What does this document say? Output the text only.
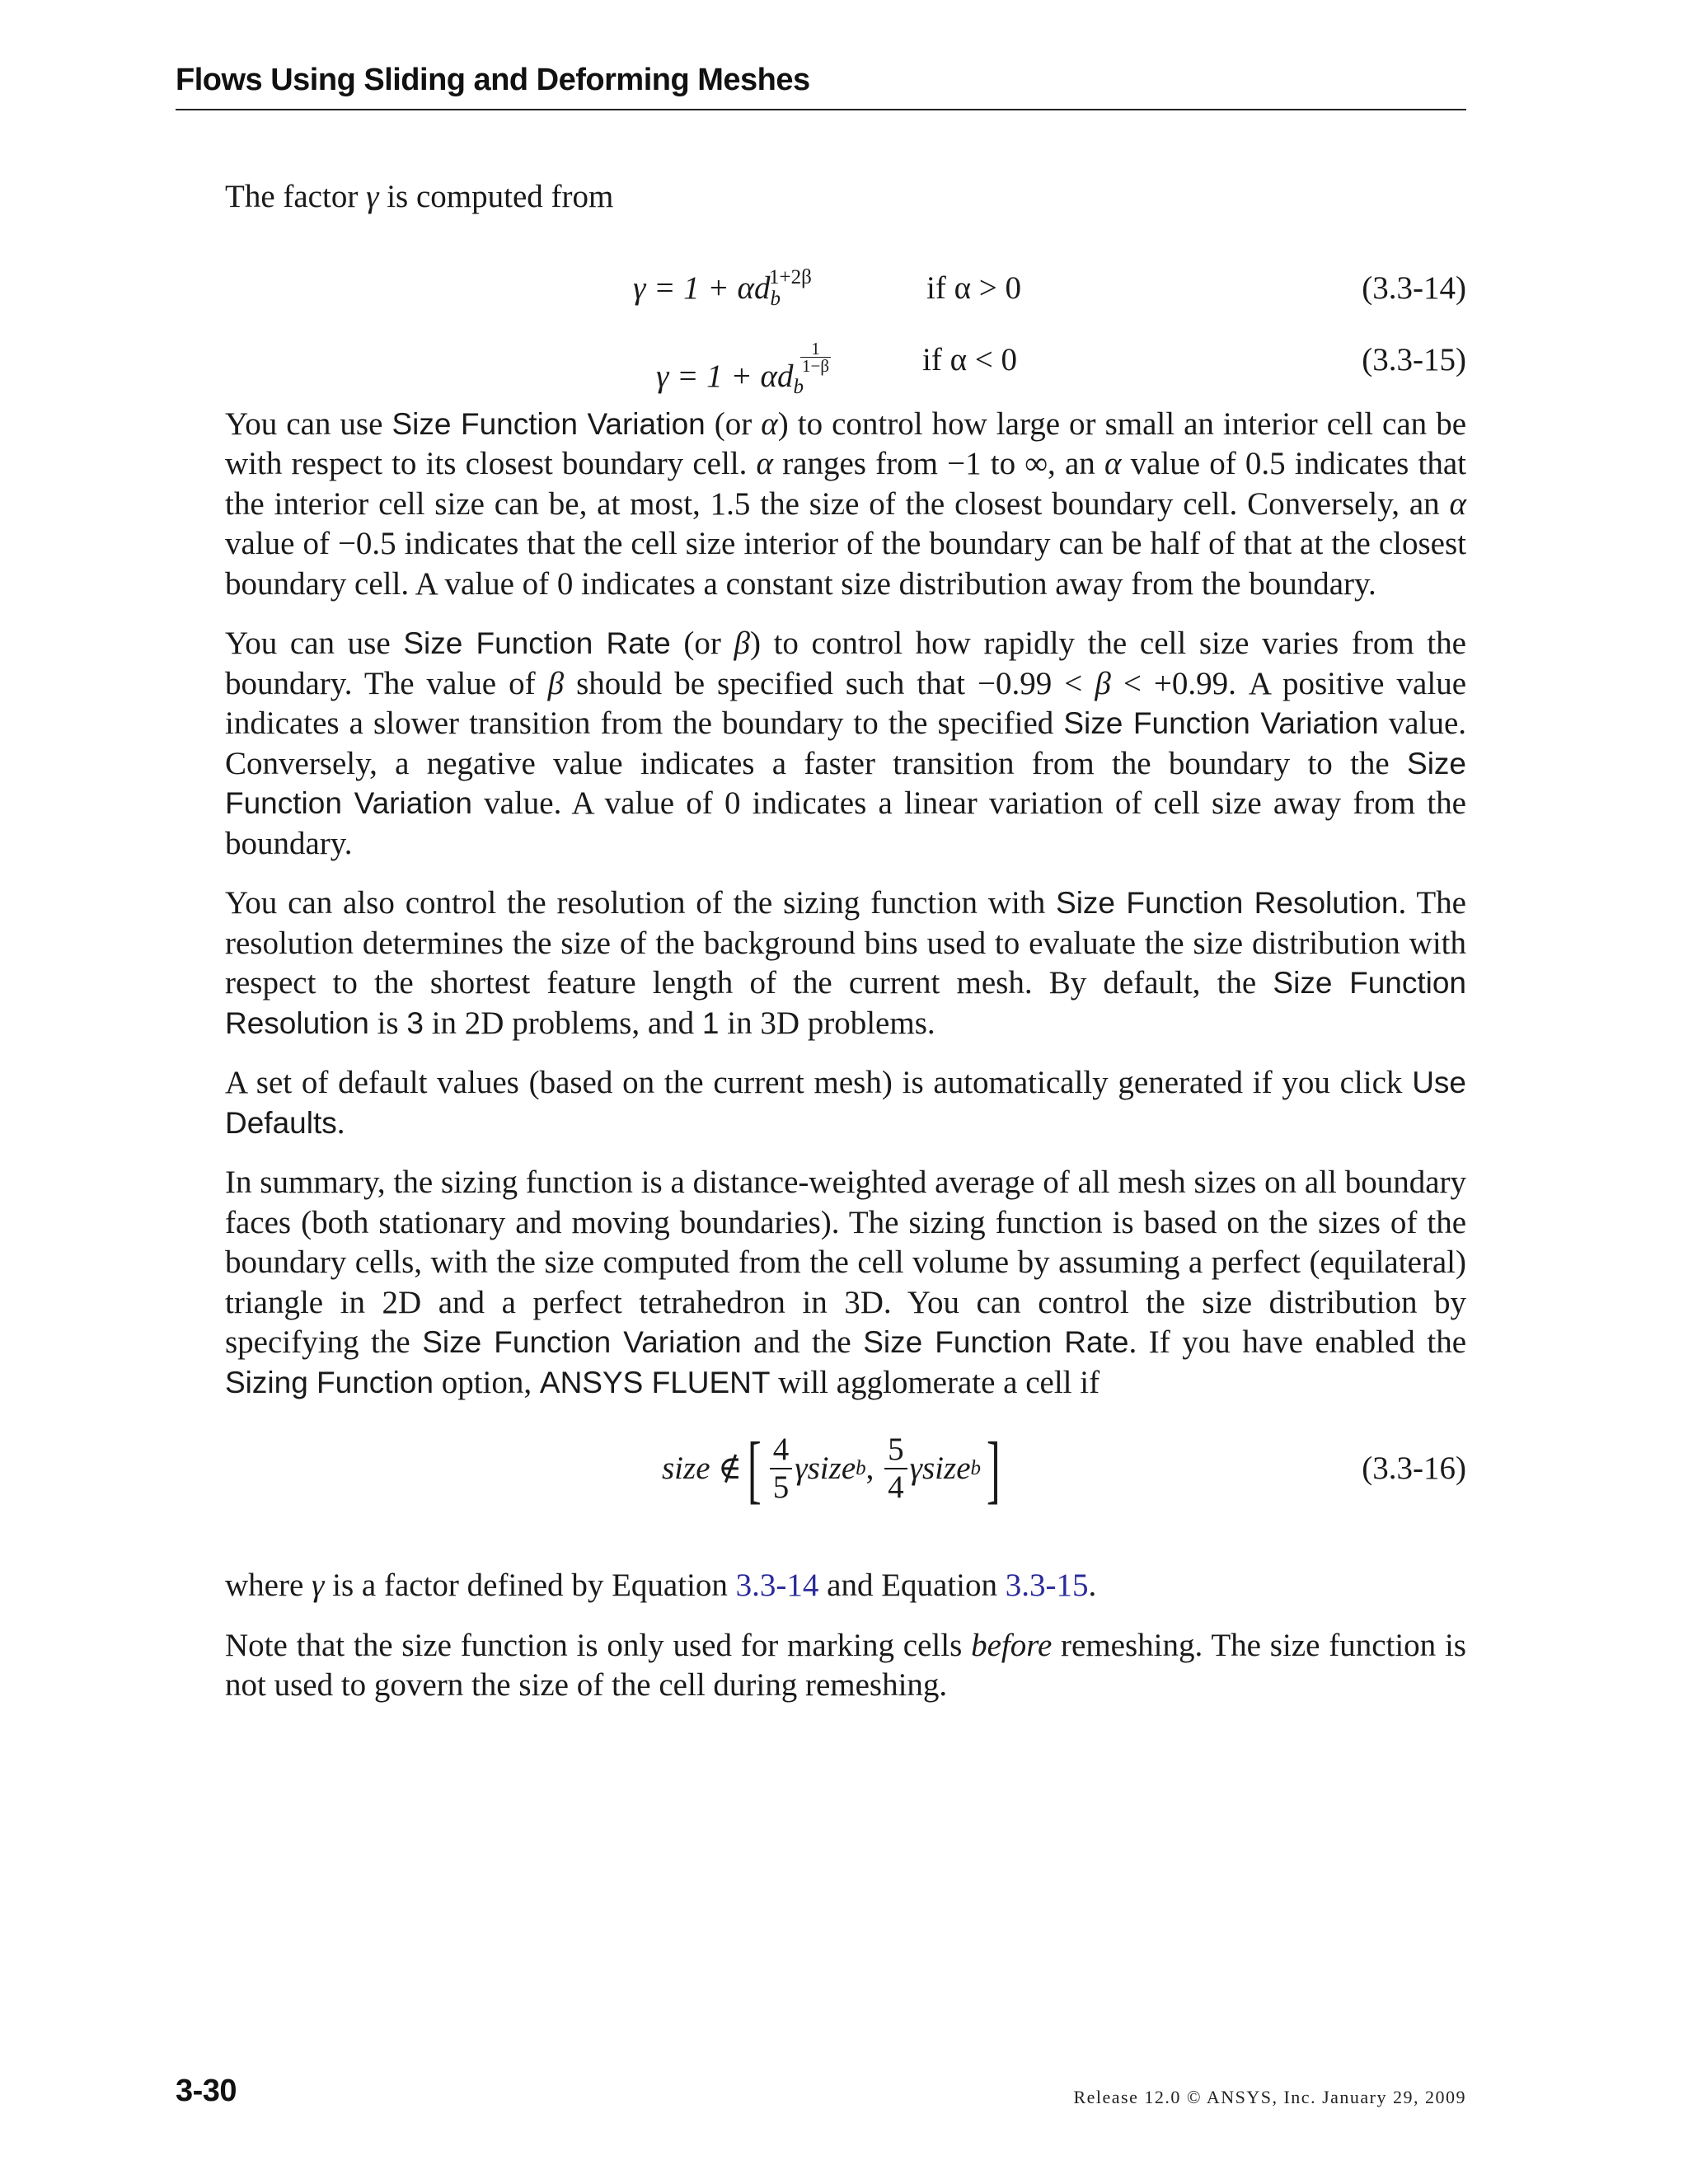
Flows Using Sliding and Deforming Meshes

The factor γ is computed from

$\gamma = 1 + \alpha d_b^{1+2\beta}$	if α > 0	(3.3-14)
$\gamma = 1 + \alpha d_b$
$\frac{1}{1-\beta}$	if α < 0	(3.3-15)

You can use Size Function Variation (or α) to control how large or small an interior cell can be with respect to its closest boundary cell. α ranges from −1 to ∞, an α value of 0.5 indicates that the interior cell size can be, at most, 1.5 the size of the closest boundary cell. Conversely, an α value of −0.5 indicates that the cell size interior of the boundary can be half of that at the closest boundary cell. A value of 0 indicates a constant size distribution away from the boundary.

You can use Size Function Rate (or β) to control how rapidly the cell size varies from the boundary. The value of β should be specified such that −0.99 < β < +0.99. A positive value indicates a slower transition from the boundary to the specified Size Function Variation value. Conversely, a negative value indicates a faster transition from the boundary to the Size Function Variation value. A value of 0 indicates a linear variation of cell size away from the boundary.

You can also control the resolution of the sizing function with Size Function Resolution. The resolution determines the size of the background bins used to evaluate the size distribution with respect to the shortest feature length of the current mesh. By default, the Size Function Resolution is 3 in 2D problems, and 1 in 3D problems.

A set of default values (based on the current mesh) is automatically generated if you click Use Defaults.

In summary, the sizing function is a distance-weighted average of all mesh sizes on all boundary faces (both stationary and moving boundaries). The sizing function is based on the sizes of the boundary cells, with the size computed from the cell volume by assuming a perfect (equilateral) triangle in 2D and a perfect tetrahedron in 3D. You can control the size distribution by specifying the Size Function Variation and the Size Function Rate. If you have enabled the Sizing Function option, ANSYS FLUENT will agglomerate a cell if

size ∉ [ $\frac{4}{5}$ γsize b , $\frac{5}{4}$ γsize b ]	(3.3-16)

where γ is a factor defined by Equation 3.3-14 and Equation 3.3-15.

Note that the size function is only used for marking cells before remeshing. The size function is not used to govern the size of the cell during remeshing.

3-30	Release 12.0 © ANSYS, Inc. January 29, 2009
